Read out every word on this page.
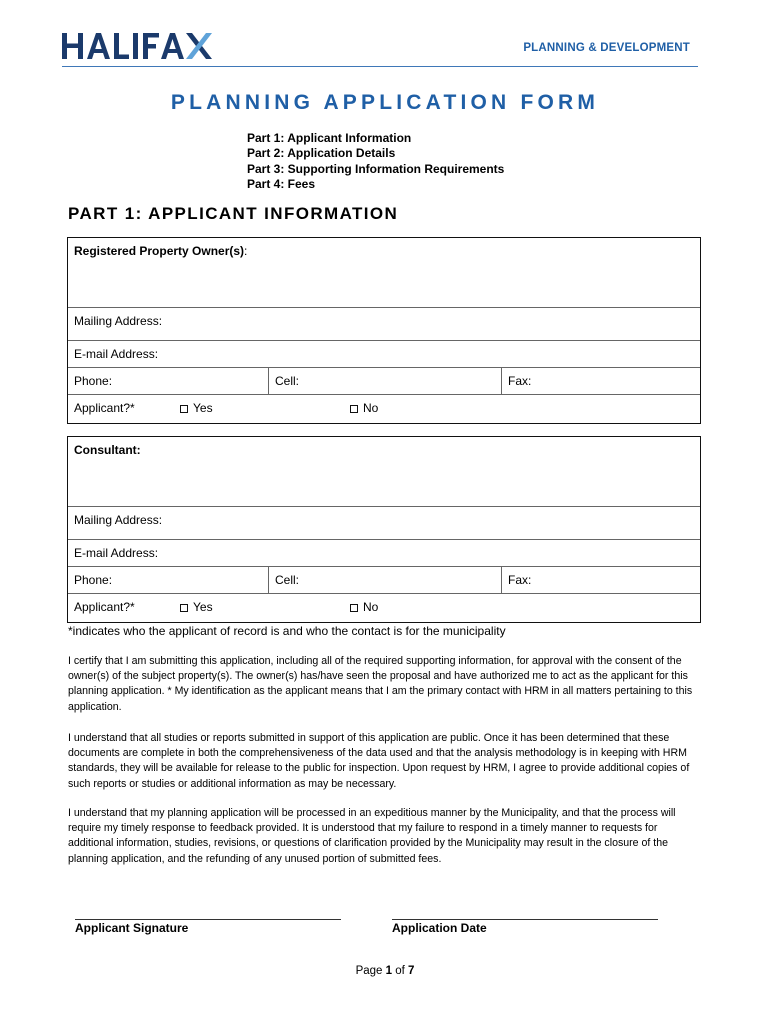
PLANNING & DEVELOPMENT
PLANNING APPLICATION FORM
Part 1: Applicant Information
Part 2: Application Details
Part 3: Supporting Information Requirements
Part 4: Fees
PART 1: APPLICANT INFORMATION
Registered Property Owner(s):
Mailing Address:
E-mail Address:
Phone:	Cell:	Fax:
Applicant?*	Yes	No
Consultant:
Mailing Address:
E-mail Address:
Phone:	Cell:	Fax:
Applicant?*	Yes	No
*indicates who the applicant of record is and who the contact is for the municipality
I certify that I am submitting this application, including all of the required supporting information, for approval with the consent of the owner(s) of the subject property(s). The owner(s) has/have seen the proposal and have authorized me to act as the applicant for this planning application. * My identification as the applicant means that I am the primary contact with HRM in all matters pertaining to this application.
I understand that all studies or reports submitted in support of this application are public. Once it has been determined that these documents are complete in both the comprehensiveness of the data used and that the analysis methodology is in keeping with HRM standards, they will be available for release to the public for inspection. Upon request by HRM, I agree to provide additional copies of such reports or studies or additional information as may be necessary.
I understand that my planning application will be processed in an expeditious manner by the Municipality, and that the process will require my timely response to feedback provided. It is understood that my failure to respond in a timely manner to requests for additional information, studies, revisions, or questions of clarification provided by the Municipality may result in the closure of the planning application, and the refunding of any unused portion of submitted fees.
Applicant Signature	Application Date
Page 1 of 7
